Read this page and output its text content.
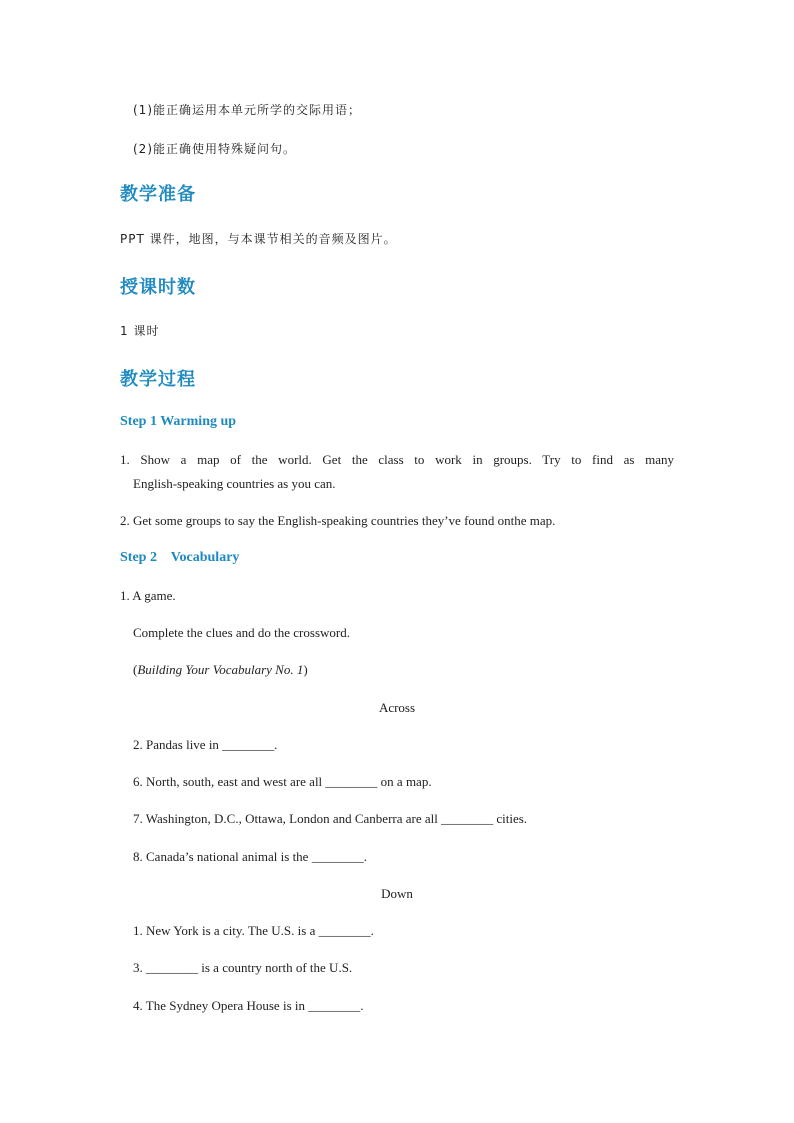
(1)能正确运用本单元所学的交际用语；
(2)能正确使用特殊疑问句。
教学准备
PPT 课件，地图，与本课节相关的音频及图片。
授课时数
1 课时
教学过程
Step 1 Warming up
1. Show a map of the world. Get the class to work in groups. Try to find as many
English-speaking countries as you can.
2. Get some groups to say the English-speaking countries they’ve found onthe map.
Step 2    Vocabulary
1. A game.
Complete the clues and do the crossword.
(Building Your Vocabulary No. 1)
Across
2. Pandas live in ________.
6. North, south, east and west are all ________ on a map.
7. Washington, D.C., Ottawa, London and Canberra are all ________ cities.
8. Canada’s national animal is the ________.
Down
1. New York is a city. The U.S. is a ________.
3. ________ is a country north of the U.S.
4. The Sydney Opera House is in ________.
